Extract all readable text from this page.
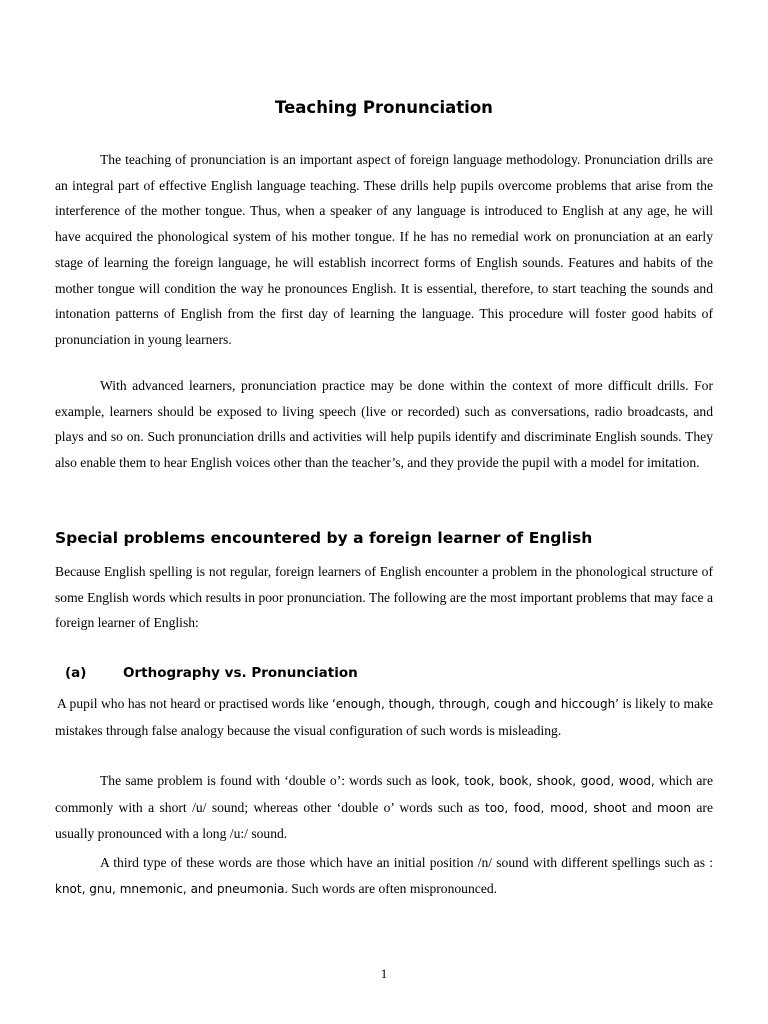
Teaching Pronunciation

The teaching of pronunciation is an important aspect of foreign language methodology. Pronunciation drills are an integral part of effective English language teaching. These drills help pupils overcome problems that arise from the interference of the mother tongue. Thus, when a speaker of any language is introduced to English at any age, he will have acquired the phonological system of his mother tongue. If he has no remedial work on pronunciation at an early stage of learning the foreign language, he will establish incorrect forms of English sounds. Features and habits of the mother tongue will condition the way he pronounces English. It is essential, therefore, to start teaching the sounds and intonation patterns of English from the first day of learning the language. This procedure will foster good habits of pronunciation in young learners.

With advanced learners, pronunciation practice may be done within the context of more difficult drills. For example, learners should be exposed to living speech (live or recorded) such as conversations, radio broadcasts, and plays and so on. Such pronunciation drills and activities will help pupils identify and discriminate English sounds. They also enable them to hear English voices other than the teacher’s, and they provide the pupil with a model for imitation.

Special problems encountered by a foreign learner of English

Because English spelling is not regular, foreign learners of English encounter a problem in the phonological structure of some English words which results in poor pronunciation. The following are the most important problems that may face a foreign learner of English:

(a)	Orthography vs. Pronunciation

A pupil who has not heard or practised words like ‘enough, though, through, cough and hiccough’ is likely to make mistakes through false analogy because the visual configuration of such words is misleading.

The same problem is found with ‘double o’: words such as look, took, book, shook, good, wood, which are commonly with a short /u/ sound; whereas other ‘double o’ words such as too, food, mood, shoot and moon are usually pronounced with a long /u:/ sound.

A third type of these words are those which have an initial position /n/ sound with different spellings such as : knot, gnu, mnemonic, and pneumonia. Such words are often mispronounced.

1
